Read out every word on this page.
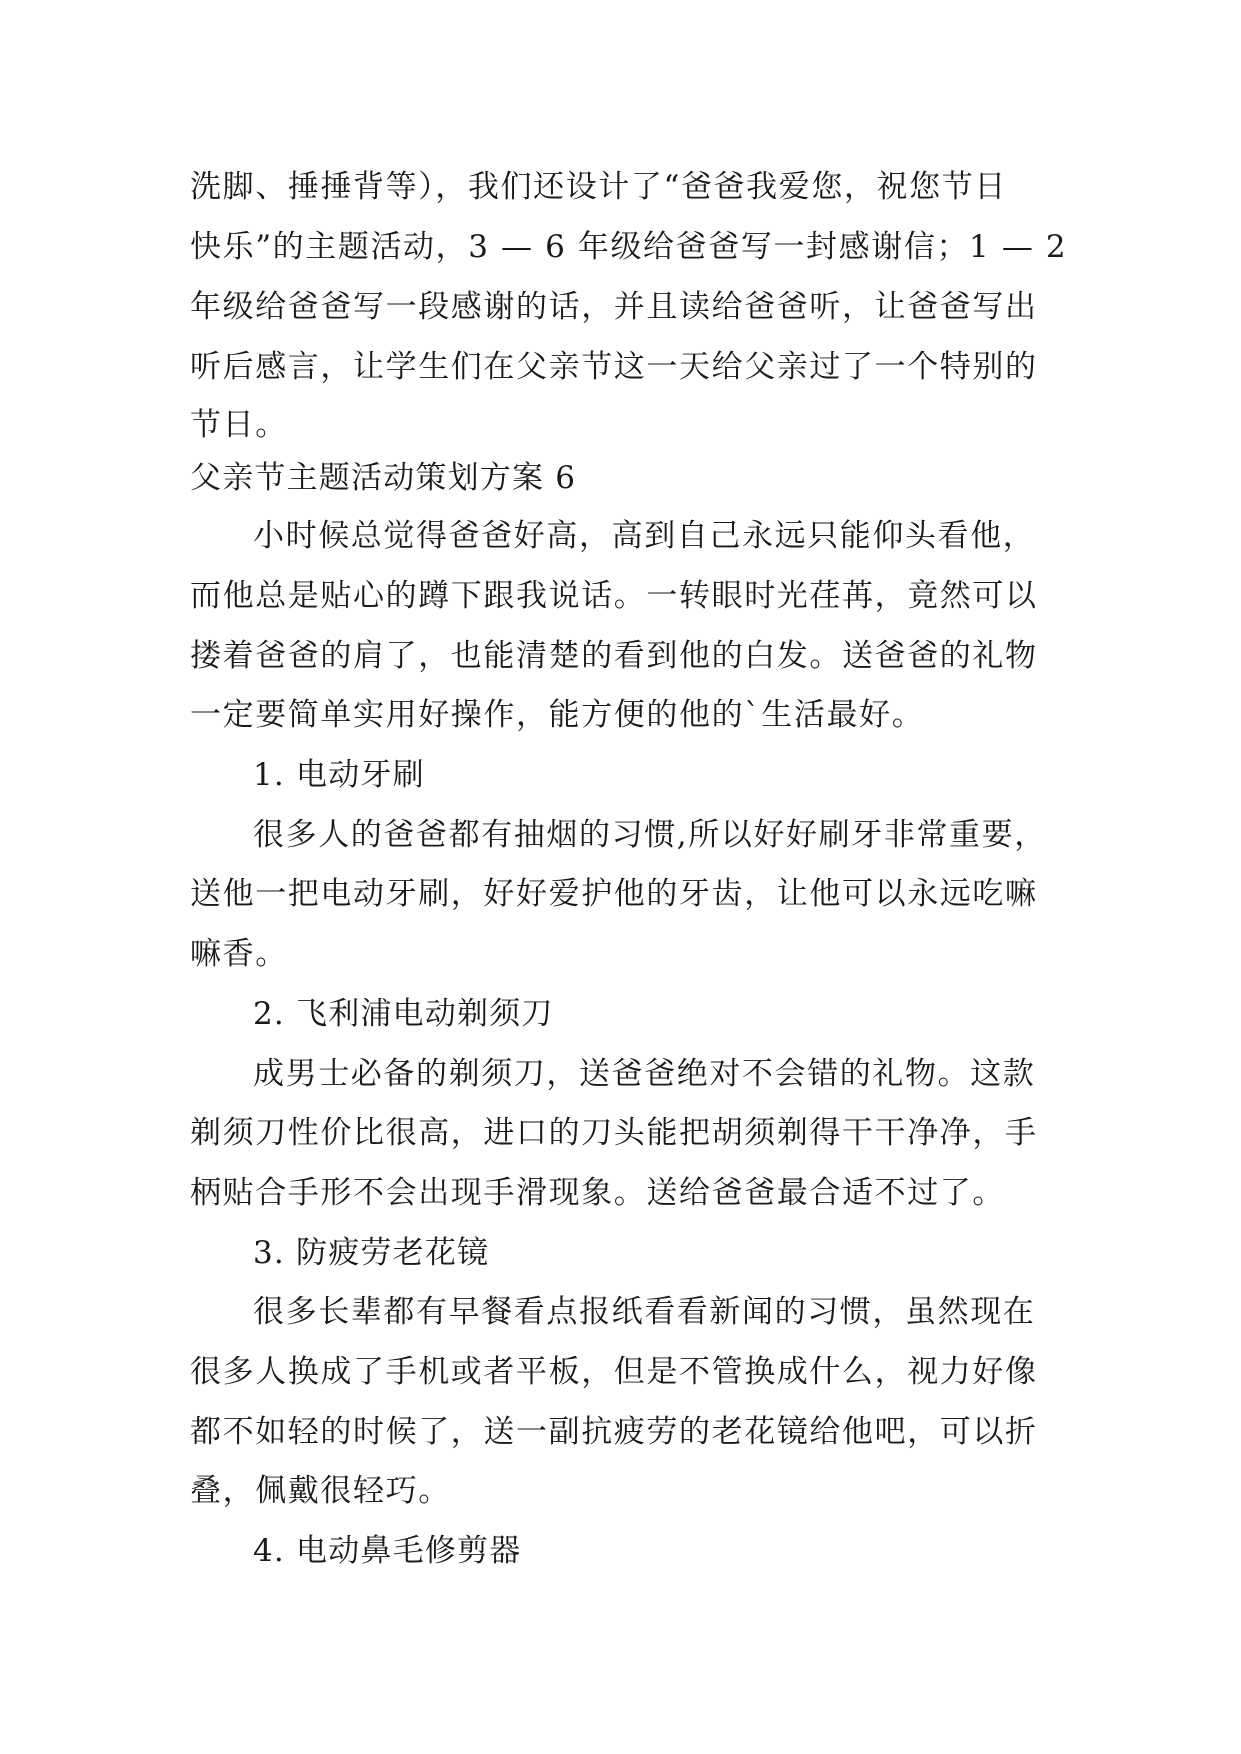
洗脚、捶捶背等），我们还设计了“爸爸我爱您，祝您节日
快乐”的主题活动，3 — 6 年级给爸爸写一封感谢信；1 — 2
年级给爸爸写一段感谢的话，并且读给爸爸听，让爸爸写出
听后感言，让学生们在父亲节这一天给父亲过了一个特别的
节日。
父亲节主题活动策划方案 6
小时候总觉得爸爸好高，高到自己永远只能仰头看他，
而他总是贴心的蹲下跟我说话。一转眼时光荏苒，竟然可以
搂着爸爸的肩了，也能清楚的看到他的白发。送爸爸的礼物
一定要简单实用好操作，能方便的他的`生活最好。
1. 电动牙刷
很多人的爸爸都有抽烟的习惯,所以好好刷牙非常重要，
送他一把电动牙刷，好好爱护他的牙齿，让他可以永远吃嘛
嘛香。
2. 飞利浦电动剃须刀
成男士必备的剃须刀，送爸爸绝对不会错的礼物。这款
剃须刀性价比很高，进口的刀头能把胡须剃得干干净净，手
柄贴合手形不会出现手滑现象。送给爸爸最合适不过了。
3. 防疲劳老花镜
很多长辈都有早餐看点报纸看看新闻的习惯，虽然现在
很多人换成了手机或者平板，但是不管换成什么，视力好像
都不如轻的时候了，送一副抗疲劳的老花镜给他吧，可以折
叠，佩戴很轻巧。
4. 电动鼻毛修剪器
